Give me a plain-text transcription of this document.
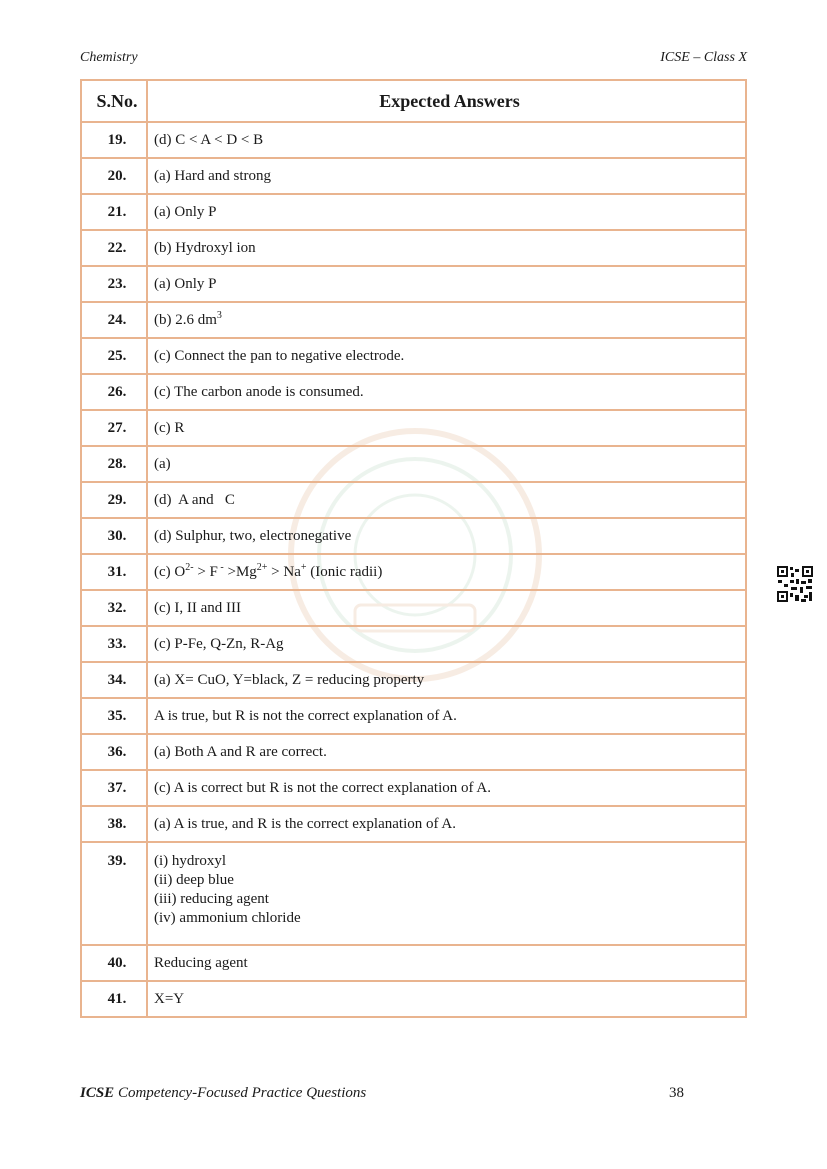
Chemistry	ICSE – Class X
S.No.	Expected Answers
19.	(d) C < A < D < B
20.	(a) Hard and strong
21.	(a) Only P
22.	(b) Hydroxyl ion
23.	(a) Only P
24.	(b) 2.6 $dm^3$
25.	(c) Connect the pan to negative electrode.
26.	(c) The carbon anode is consumed.
27.	(c) R
28.	(a)
29.	(d)  A and   C
30.	(d) Sulphur, two, electronegative
31.	(c) $O^{2-} > F$ $^- >Mg^{2+} > Na^+$ (Ionic radii)
32.	(c) I, II and III
33.	(c) P-Fe, Q-Zn, R-Ag
34.	(a) X= CuO, Y=black, Z = reducing property
35.	A is true, but R is not the correct explanation of A.
36.	(a) Both A and R are correct.
37.	(c) A is correct but R is not the correct explanation of A.
38.	(a) A is true, and R is the correct explanation of A.
39.	(i) hydroxyl
(ii) deep blue
(iii) reducing agent
(iv) ammonium chloride

40.	Reducing agent
41.	X=Y
ICSE Competency-Focused Practice Questions	38
